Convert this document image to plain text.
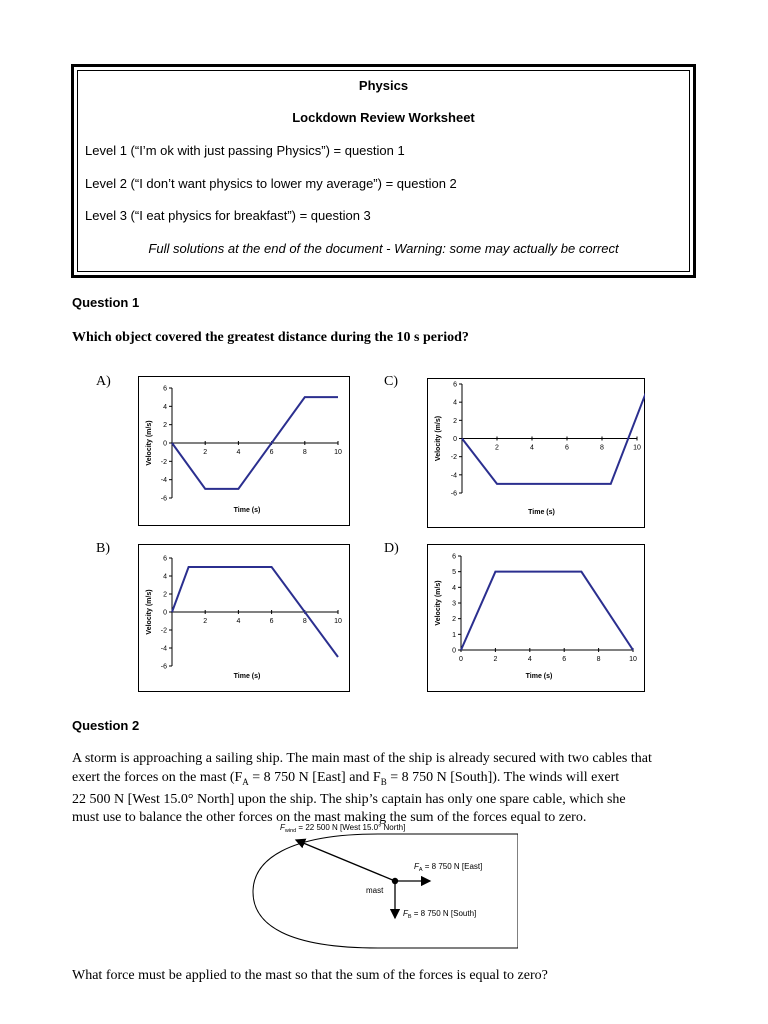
Physics
Lockdown Review Worksheet
Level 1 (“I’m ok with just passing Physics”) = question 1
Level 2 (“I don’t want physics to lower my average”) = question 2
Level 3 (“I eat physics for breakfast”) = question 3
Full solutions at the end of the document - Warning: some may actually be correct
Question 1
Which object covered the greatest distance during the 10 s period?
A)
B)
C)
D)
-6
-4
-2
0
2
4
6
2	4	6	8	10
Time (s)
Velocity (m/s)
-6
-4
-2
0
2
4
6
2	4	6	8	10
Time (s)
Velocity (m/s)
-6
-4
-2
0
2
4
6
2	4	6	8	10
Time (s)
Velocity (m/s)
0
1
2
3
4
5
6
0	2	4	6	8	10
Time (s)
Velocity (m/s)
Question 2
A storm is approaching a sailing ship. The main mast of the ship is already secured with two cables that
exert the forces on the mast ($F_A = 8$ 750 N [East] and $F_B = 8$ 750 N [South]). The winds will exert
22 500 N [West 15.0° North] upon the ship. The ship’s captain has only one spare cable, which she
must use to balance the other forces on the mast making the sum of the forces equal to zero.
$F_{wind} = 22$ 500 N [West 15.0° North]
$F_A = 8$ 750 N [East]
$F_B = 8$ 750 N [South]
mast
What force must be applied to the mast so that the sum of the forces is equal to zero?
